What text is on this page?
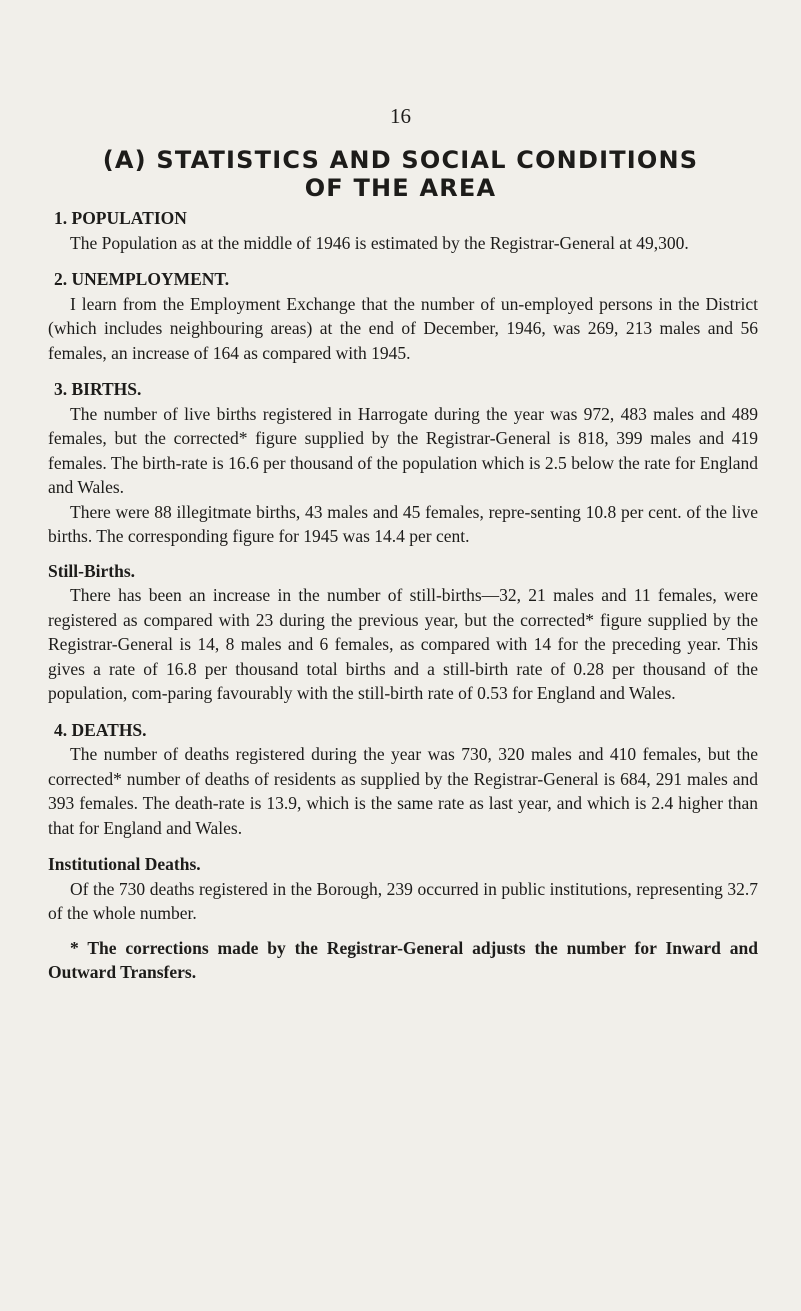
16
(A) STATISTICS AND SOCIAL CONDITIONS
OF THE AREA
1. POPULATION

The Population as at the middle of 1946 is estimated by the Registrar-General at 49,300.

2. UNEMPLOYMENT.

I learn from the Employment Exchange that the number of un-employed persons in the District (which includes neighbouring areas) at the end of December, 1946, was 269, 213 males and 56 females, an increase of 164 as compared with 1945.

3. BIRTHS.

The number of live births registered in Harrogate during the year was 972, 483 males and 489 females, but the corrected* figure supplied by the Registrar-General is 818, 399 males and 419 females. The birth-rate is 16.6 per thousand of the population which is 2.5 below the rate for England and Wales.

There were 88 illegitmate births, 43 males and 45 females, repre-senting 10.8 per cent. of the live births. The corresponding figure for 1945 was 14.4 per cent.

Still-Births.

There has been an increase in the number of still-births—32, 21 males and 11 females, were registered as compared with 23 during the previous year, but the corrected* figure supplied by the Registrar-General is 14, 8 males and 6 females, as compared with 14 for the preceding year. This gives a rate of 16.8 per thousand total births and a still-birth rate of 0.28 per thousand of the population, com-paring favourably with the still-birth rate of 0.53 for England and Wales.

4. DEATHS.

The number of deaths registered during the year was 730, 320 males and 410 females, but the corrected* number of deaths of residents as supplied by the Registrar-General is 684, 291 males and 393 females. The death-rate is 13.9, which is the same rate as last year, and which is 2.4 higher than that for England and Wales.

Institutional Deaths.

Of the 730 deaths registered in the Borough, 239 occurred in public institutions, representing 32.7 of the whole number.

* The corrections made by the Registrar-General adjusts the number for Inward and Outward Transfers.
